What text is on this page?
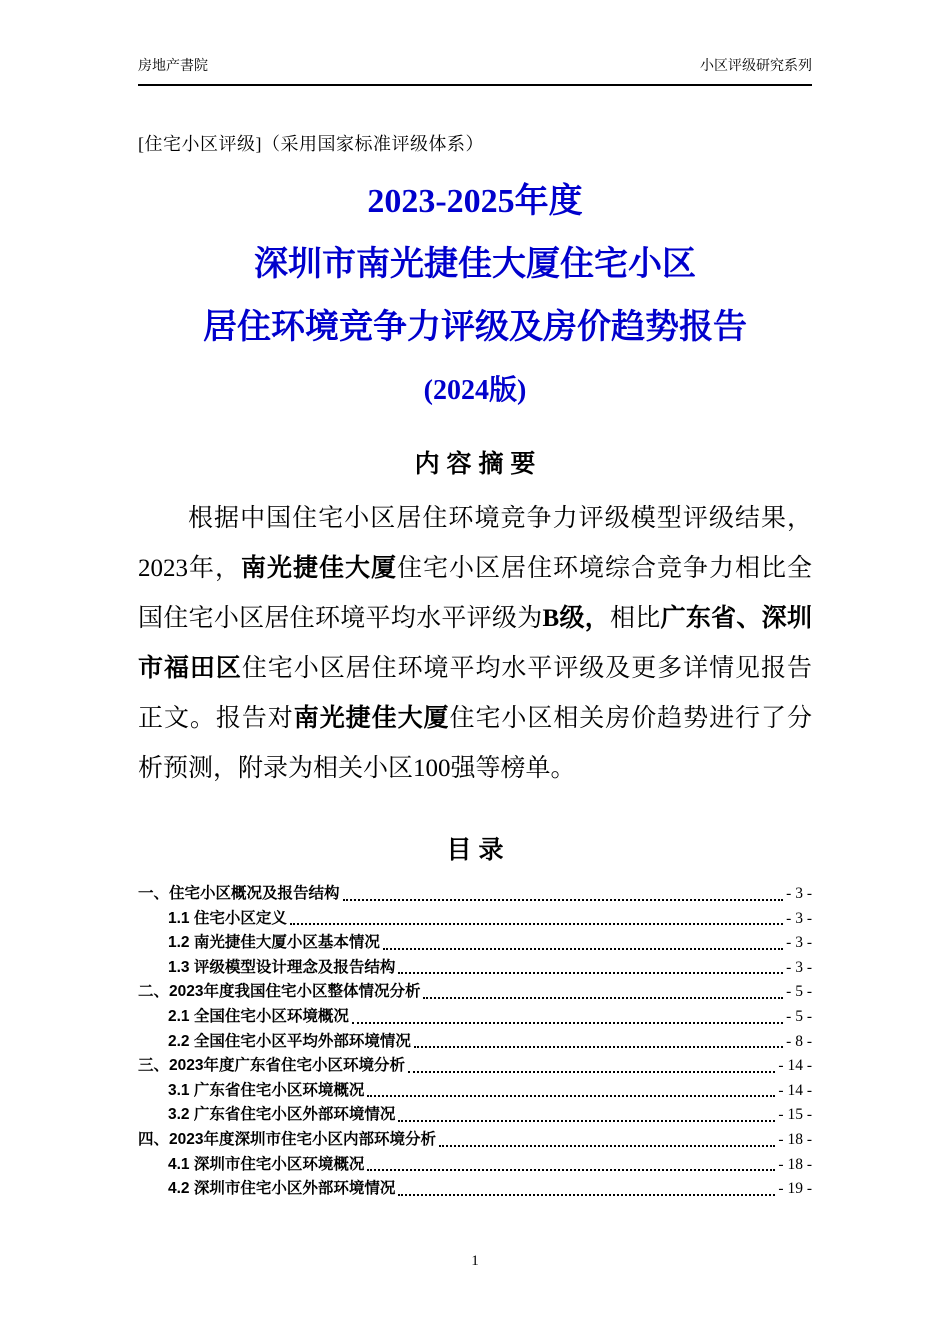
房地产書院	小区评级研究系列
[住宅小区评级]（采用国家标准评级体系）
2023-2025年度
深圳市南光捷佳大厦住宅小区
居住环境竞争力评级及房价趋势报告
(2024版)
内 容 摘 要

根据中国住宅小区居住环境竞争力评级模型评级结果，2023年，南光捷佳大厦住宅小区居住环境综合竞争力相比全国住宅小区居住环境平均水平评级为B级，相比广东省、深圳市福田区住宅小区居住环境平均水平评级及更多详情见报告正文。报告对南光捷佳大厦住宅小区相关房价趋势进行了分析预测，附录为相关小区100强等榜单。

目 录
一、住宅小区概况及报告结构	- 3 -
1.1 住宅小区定义	- 3 -
1.2 南光捷佳大厦小区基本情况	- 3 -
1.3 评级模型设计理念及报告结构	- 3 -
二、2023年度我国住宅小区整体情况分析	- 5 -
2.1 全国住宅小区环境概况	- 5 -
2.2 全国住宅小区平均外部环境情况	- 8 -
三、2023年度广东省住宅小区环境分析	- 14 -
3.1 广东省住宅小区环境概况	- 14 -
3.2 广东省住宅小区外部环境情况	- 15 -
四、2023年度深圳市住宅小区内部环境分析	- 18 -
4.1 深圳市住宅小区环境概况	- 18 -
4.2 深圳市住宅小区外部环境情况	- 19 -
1
